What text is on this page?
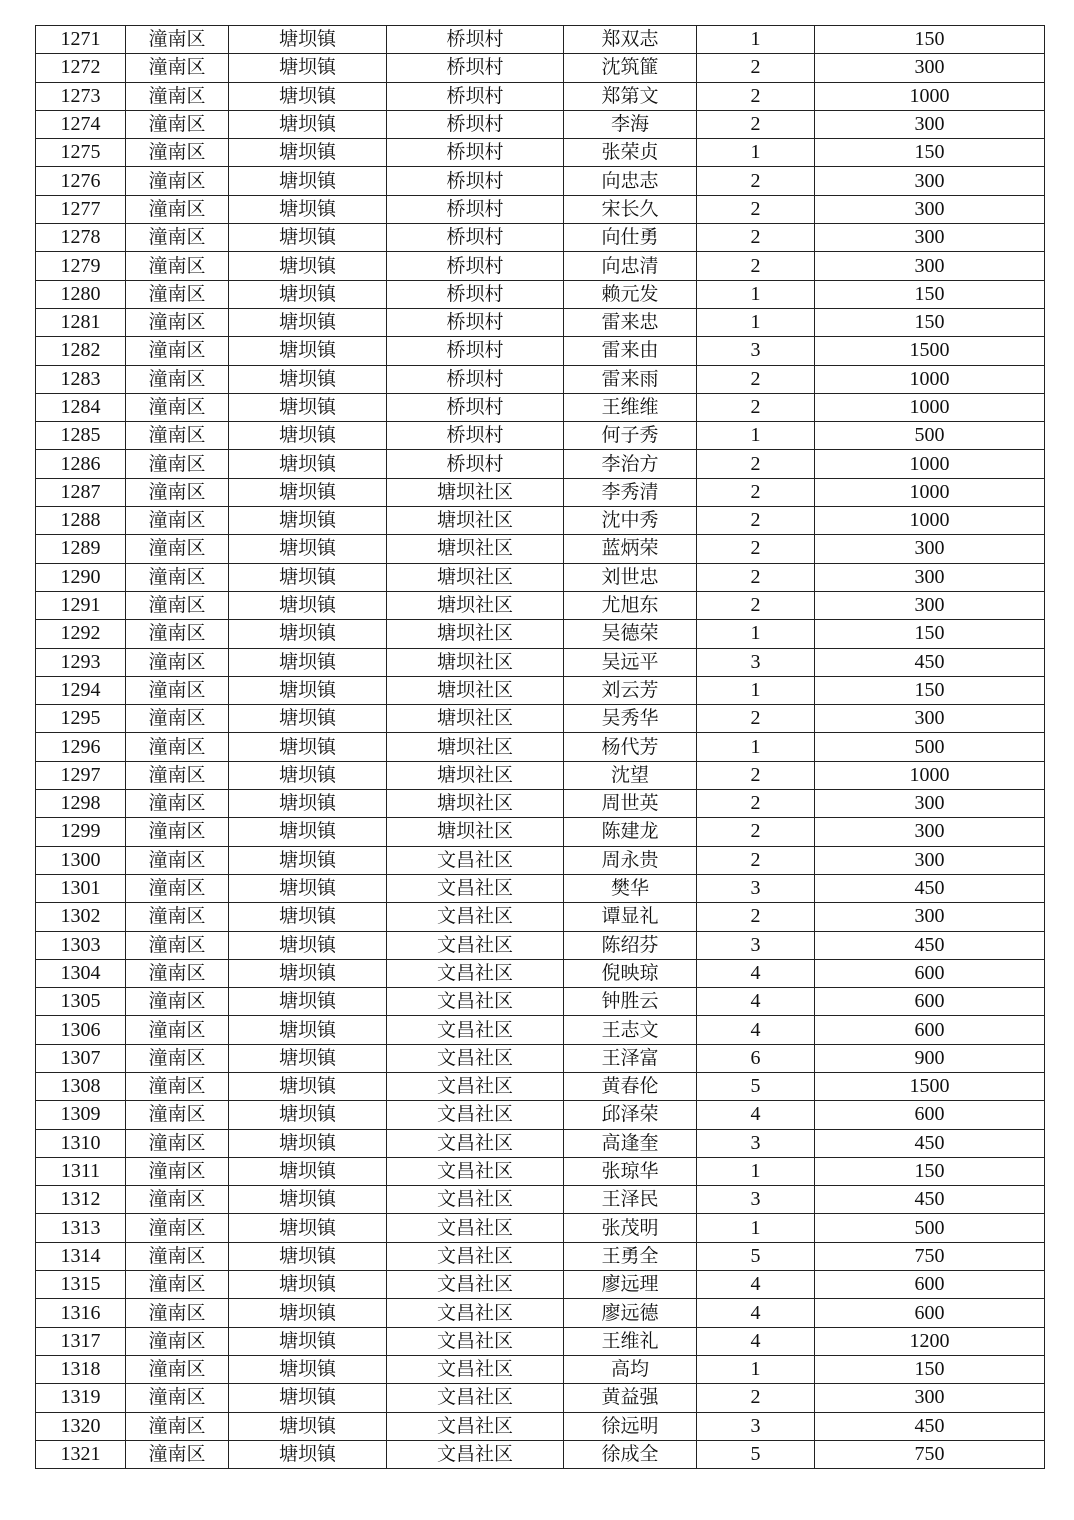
1271	潼南区	塘坝镇	桥坝村	郑双志	1	150
1272	潼南区	塘坝镇	桥坝村	沈筑篚	2	300
1273	潼南区	塘坝镇	桥坝村	郑第文	2	1000
1274	潼南区	塘坝镇	桥坝村	李海	2	300
1275	潼南区	塘坝镇	桥坝村	张荣贞	1	150
1276	潼南区	塘坝镇	桥坝村	向忠志	2	300
1277	潼南区	塘坝镇	桥坝村	宋长久	2	300
1278	潼南区	塘坝镇	桥坝村	向仕勇	2	300
1279	潼南区	塘坝镇	桥坝村	向忠清	2	300
1280	潼南区	塘坝镇	桥坝村	赖元发	1	150
1281	潼南区	塘坝镇	桥坝村	雷来忠	1	150
1282	潼南区	塘坝镇	桥坝村	雷来由	3	1500
1283	潼南区	塘坝镇	桥坝村	雷来雨	2	1000
1284	潼南区	塘坝镇	桥坝村	王维维	2	1000
1285	潼南区	塘坝镇	桥坝村	何子秀	1	500
1286	潼南区	塘坝镇	桥坝村	李治方	2	1000
1287	潼南区	塘坝镇	塘坝社区	李秀清	2	1000
1288	潼南区	塘坝镇	塘坝社区	沈中秀	2	1000
1289	潼南区	塘坝镇	塘坝社区	蓝炳荣	2	300
1290	潼南区	塘坝镇	塘坝社区	刘世忠	2	300
1291	潼南区	塘坝镇	塘坝社区	尤旭东	2	300
1292	潼南区	塘坝镇	塘坝社区	吴德荣	1	150
1293	潼南区	塘坝镇	塘坝社区	吴远平	3	450
1294	潼南区	塘坝镇	塘坝社区	刘云芳	1	150
1295	潼南区	塘坝镇	塘坝社区	吴秀华	2	300
1296	潼南区	塘坝镇	塘坝社区	杨代芳	1	500
1297	潼南区	塘坝镇	塘坝社区	沈望	2	1000
1298	潼南区	塘坝镇	塘坝社区	周世英	2	300
1299	潼南区	塘坝镇	塘坝社区	陈建龙	2	300
1300	潼南区	塘坝镇	文昌社区	周永贵	2	300
1301	潼南区	塘坝镇	文昌社区	樊华	3	450
1302	潼南区	塘坝镇	文昌社区	谭显礼	2	300
1303	潼南区	塘坝镇	文昌社区	陈绍芬	3	450
1304	潼南区	塘坝镇	文昌社区	倪映琼	4	600
1305	潼南区	塘坝镇	文昌社区	钟胜云	4	600
1306	潼南区	塘坝镇	文昌社区	王志文	4	600
1307	潼南区	塘坝镇	文昌社区	王泽富	6	900
1308	潼南区	塘坝镇	文昌社区	黄春伦	5	1500
1309	潼南区	塘坝镇	文昌社区	邱泽荣	4	600
1310	潼南区	塘坝镇	文昌社区	高逢奎	3	450
1311	潼南区	塘坝镇	文昌社区	张琼华	1	150
1312	潼南区	塘坝镇	文昌社区	王泽民	3	450
1313	潼南区	塘坝镇	文昌社区	张茂明	1	500
1314	潼南区	塘坝镇	文昌社区	王勇全	5	750
1315	潼南区	塘坝镇	文昌社区	廖远理	4	600
1316	潼南区	塘坝镇	文昌社区	廖远德	4	600
1317	潼南区	塘坝镇	文昌社区	王维礼	4	1200
1318	潼南区	塘坝镇	文昌社区	高均	1	150
1319	潼南区	塘坝镇	文昌社区	黄益强	2	300
1320	潼南区	塘坝镇	文昌社区	徐远明	3	450
1321	潼南区	塘坝镇	文昌社区	徐成全	5	750
